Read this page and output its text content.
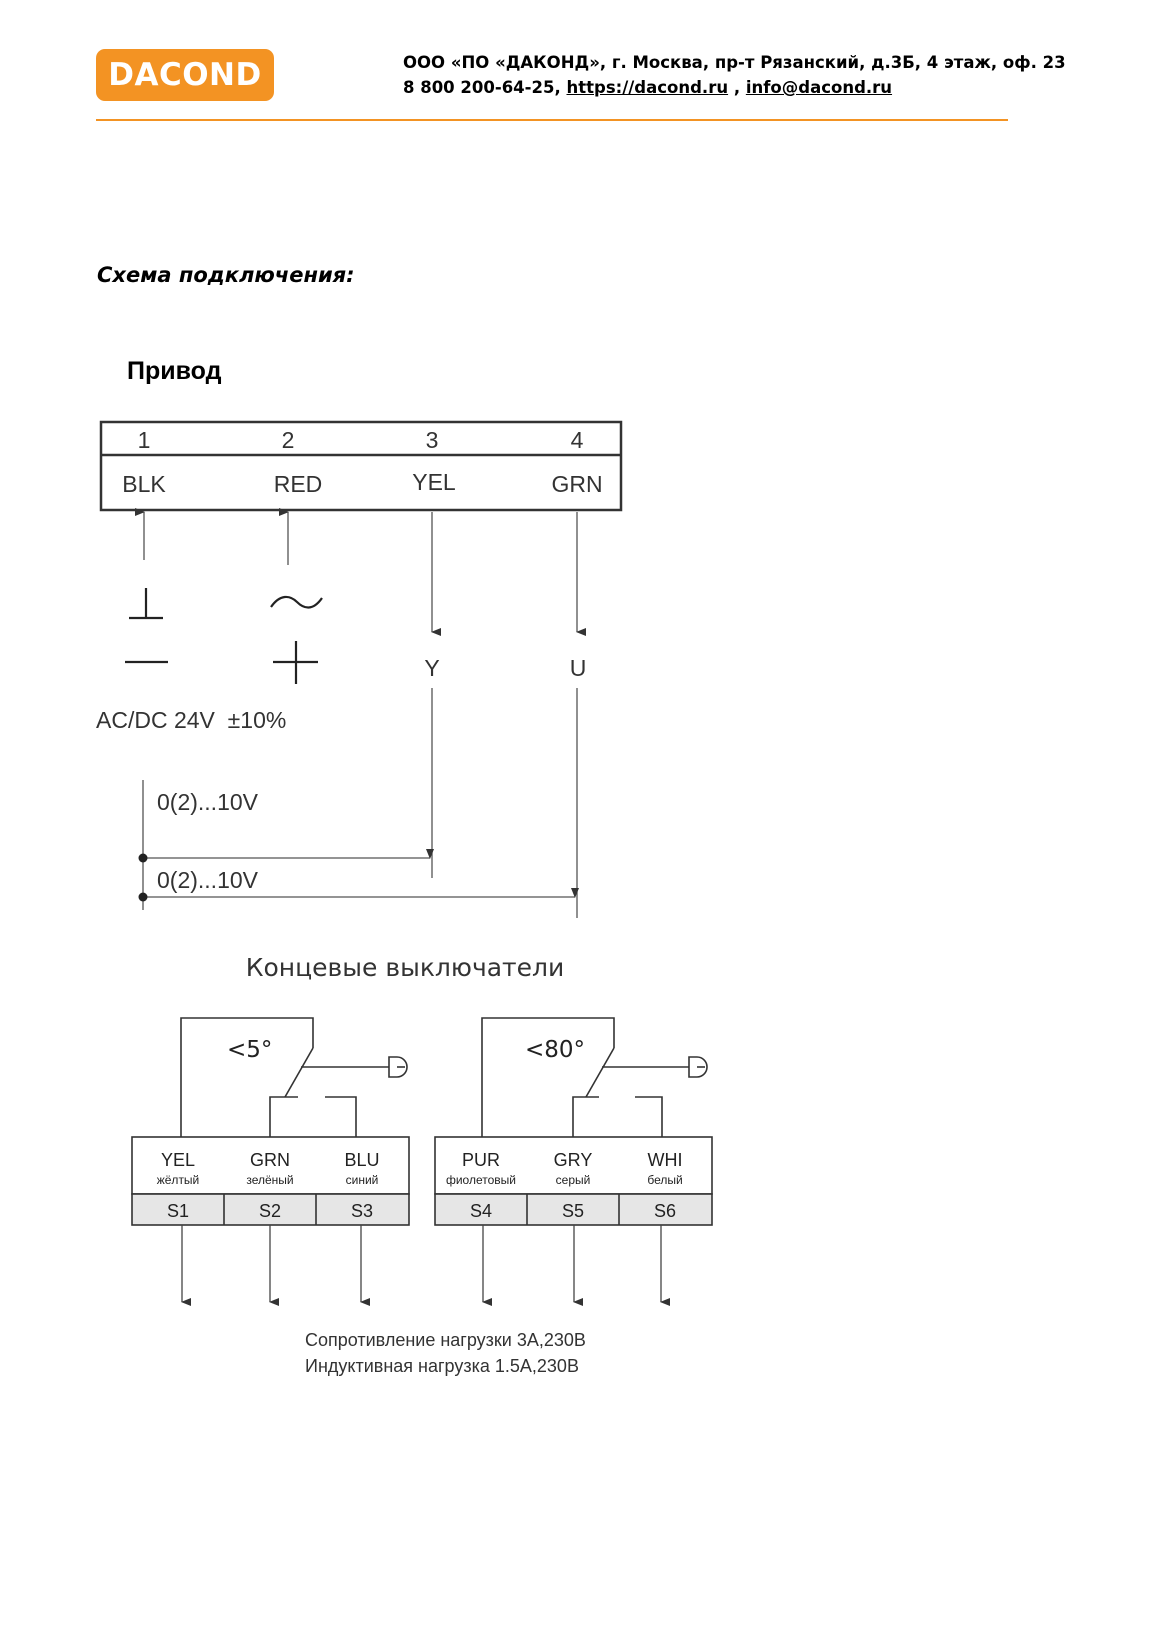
DACOND	ООО «ПО «ДАКОНД», г. Москва, пр-т Рязанский, д.3Б, 4 этаж, оф. 23
8 800 200-64-25, https://dacond.ru , info@dacond.ru
Схема подключения:
Привод
1	2	3	4
BLK	RED	YEL	GRN
Y	U
AC/DC 24V  ±10%
0(2)...10V
0(2)...10V
Концевые выключатели
<5°	<80°
YEL	GRN	BLU	PUR	GRY	WHI
жёлтый	зелёный	синий	фиолетовый	серый	белый
S1	S2	S3	S4	S5	S6
Сопротивление нагрузки 3А,230В
Индуктивная нагрузка 1.5А,230В
